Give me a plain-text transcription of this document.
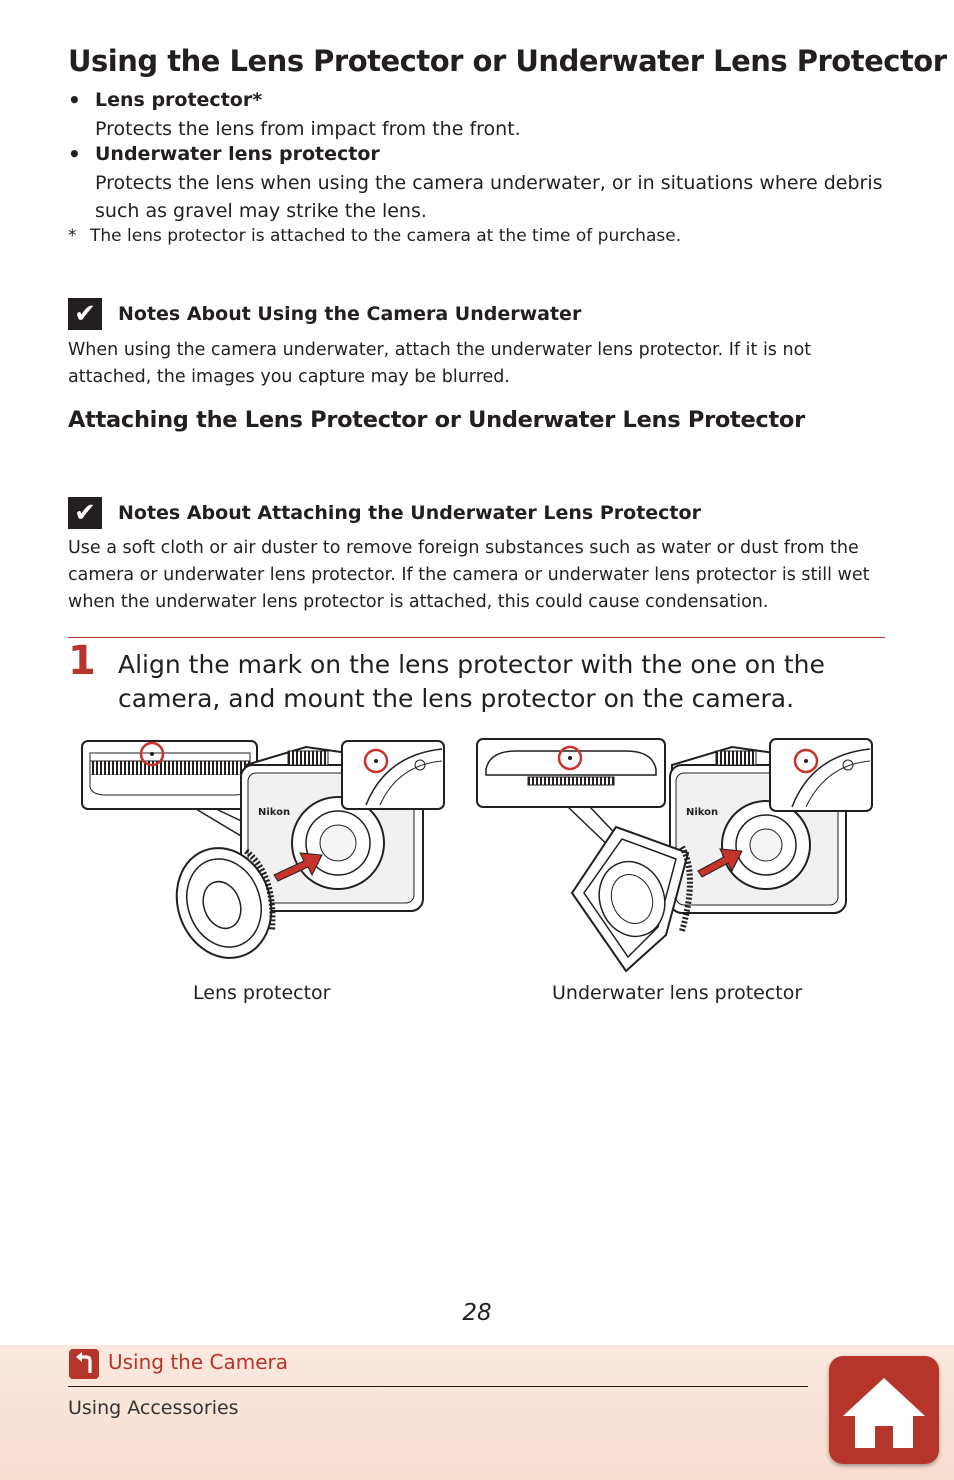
Using the Lens Protector or Underwater Lens Protector
• Lens protector*
Protects the lens from impact from the front.
• Underwater lens protector
Protects the lens when using the camera underwater, or in situations where debris such as gravel may strike the lens.
* The lens protector is attached to the camera at the time of purchase.
✔	Notes About Using the Camera Underwater
When using the camera underwater, attach the underwater lens protector. If it is not attached, the images you capture may be blurred.
Attaching the Lens Protector or Underwater Lens Protector
✔	Notes About Attaching the Underwater Lens Protector
Use a soft cloth or air duster to remove foreign substances such as water or dust from the camera or underwater lens protector. If the camera or underwater lens protector is still wet when the underwater lens protector is attached, this could cause condensation.
1 Align the mark on the lens protector with the one on the camera, and mount the lens protector on the camera.
Nikon	Nikon
Lens protector	Underwater lens protector
28
Using the Camera
Using Accessories
